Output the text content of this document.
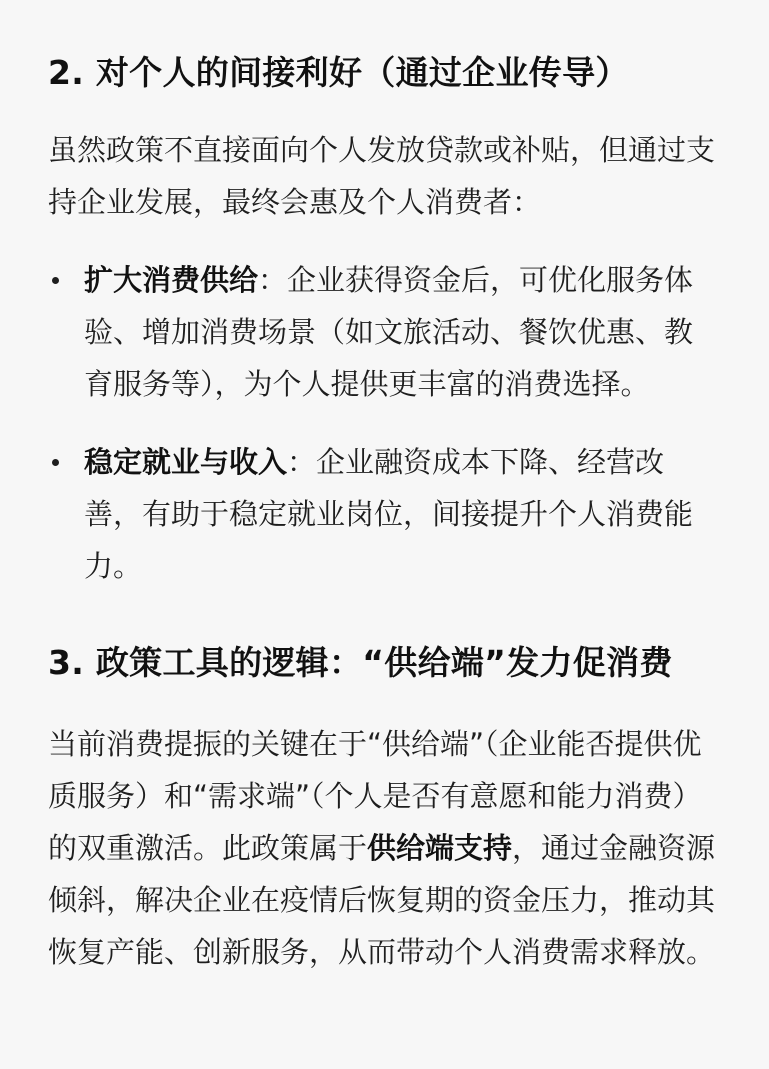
2. 对个人的间接利好（通过企业传导）

虽然政策不直接面向个人发放贷款或补贴，但通过支持企业发展，最终会惠及个人消费者：

扩大消费供给：企业获得资金后，可优化服务体验、增加消费场景（如文旅活动、餐饮优惠、教育服务等），为个人提供更丰富的消费选择。
稳定就业与收入：企业融资成本下降、经营改善，有助于稳定就业岗位，间接提升个人消费能力。
3. 政策工具的逻辑：“供给端”发力促消费

当前消费提振的关键在于“供给端”（企业能否提供优质服务）和“需求端”（个人是否有意愿和能力消费）的双重激活。此政策属于供给端支持，通过金融资源倾斜，解决企业在疫情后恢复期的资金压力，推动其恢复产能、创新服务，从而带动个人消费需求释放。
